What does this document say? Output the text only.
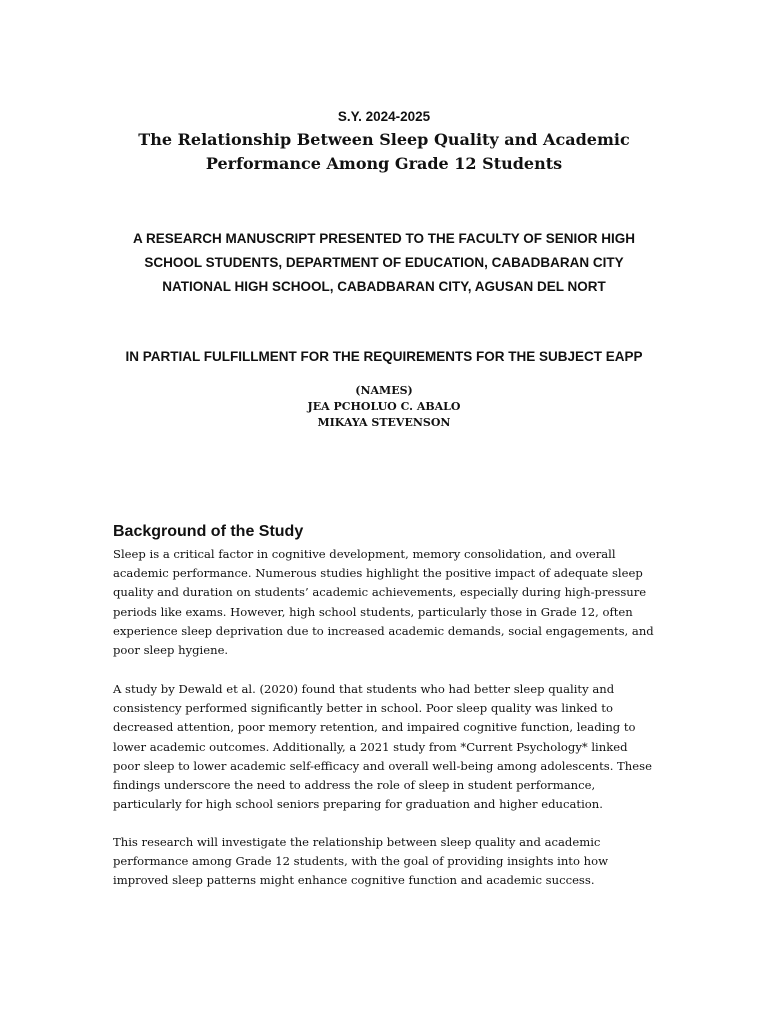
S.Y. 2024-2025
The Relationship Between Sleep Quality and Academic
Performance Among Grade 12 Students
A RESEARCH MANUSCRIPT PRESENTED TO THE FACULTY OF SENIOR HIGH
SCHOOL STUDENTS, DEPARTMENT OF EDUCATION, CABADBARAN CITY
NATIONAL HIGH SCHOOL, CABADBARAN CITY, AGUSAN DEL NORT
IN PARTIAL FULFILLMENT FOR THE REQUIREMENTS FOR THE SUBJECT EAPP
(NAMES)
JEA PCHOLUO C. ABALO
MIKAYA STEVENSON
Background of the Study
Sleep is a critical factor in cognitive development, memory consolidation, and overall
academic performance. Numerous studies highlight the positive impact of adequate sleep
quality and duration on students’ academic achievements, especially during high-pressure
periods like exams. However, high school students, particularly those in Grade 12, often
experience sleep deprivation due to increased academic demands, social engagements, and
poor sleep hygiene.
A study by Dewald et al. (2020) found that students who had better sleep quality and
consistency performed significantly better in school. Poor sleep quality was linked to
decreased attention, poor memory retention, and impaired cognitive function, leading to
lower academic outcomes. Additionally, a 2021 study from *Current Psychology* linked
poor sleep to lower academic self-efficacy and overall well-being among adolescents. These
findings underscore the need to address the role of sleep in student performance,
particularly for high school seniors preparing for graduation and higher education.
This research will investigate the relationship between sleep quality and academic
performance among Grade 12 students, with the goal of providing insights into how
improved sleep patterns might enhance cognitive function and academic success.
